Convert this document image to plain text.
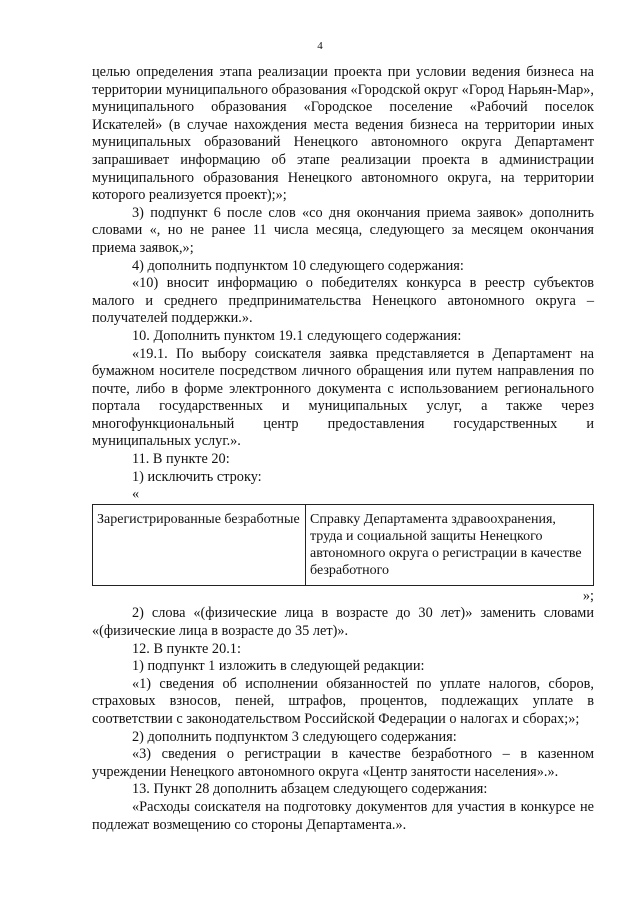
4

целью определения этапа реализации проекта при условии ведения бизнеса на территории муниципального образования «Городской округ «Город Нарьян-Мар», муниципального образования «Городское поселение «Рабочий поселок Искателей» (в случае нахождения места ведения бизнеса на территории иных муниципальных образований Ненецкого автономного округа Департамент запрашивает информацию об этапе реализации проекта в администрации муниципального образования Ненецкого автономного округа, на территории которого реализуется проект);»;

3) подпункт 6 после слов «со дня окончания приема заявок» дополнить словами «, но не ранее 11 числа месяца, следующего за месяцем окончания приема заявок,»;

4) дополнить подпунктом 10 следующего содержания:

«10) вносит информацию о победителях конкурса в реестр субъектов малого и среднего предпринимательства Ненецкого автономного округа – получателей поддержки.».

10. Дополнить пунктом 19.1 следующего содержания:

«19.1. По выбору соискателя заявка представляется в Департамент на бумажном носителе посредством личного обращения или путем направления по почте, либо в форме электронного документа с использованием регионального портала государственных и муниципальных услуг, а также через многофункциональный центр предоставления государственных и муниципальных услуг.».

11. В пункте 20:

1) исключить строку:

«

Зарегистрированные безработные	Справку Департамента здравоохранения, труда и социальной защиты Ненецкого автономного округа о регистрации в качестве безработного

»;

2) слова «(физические лица в возрасте до 30 лет)» заменить словами «(физические лица в возрасте до 35 лет)».

12. В пункте 20.1:

1) подпункт 1 изложить в следующей редакции:

«1) сведения об исполнении обязанностей по уплате налогов, сборов, страховых взносов, пеней, штрафов, процентов, подлежащих уплате в соответствии с законодательством Российской Федерации о налогах и сборах;»;

2) дополнить подпунктом 3 следующего содержания:

«3) сведения о регистрации в качестве безработного – в казенном учреждении Ненецкого автономного округа «Центр занятости населения».».

13. Пункт 28 дополнить абзацем следующего содержания:

«Расходы соискателя на подготовку документов для участия в конкурсе не подлежат возмещению со стороны Департамента.».
